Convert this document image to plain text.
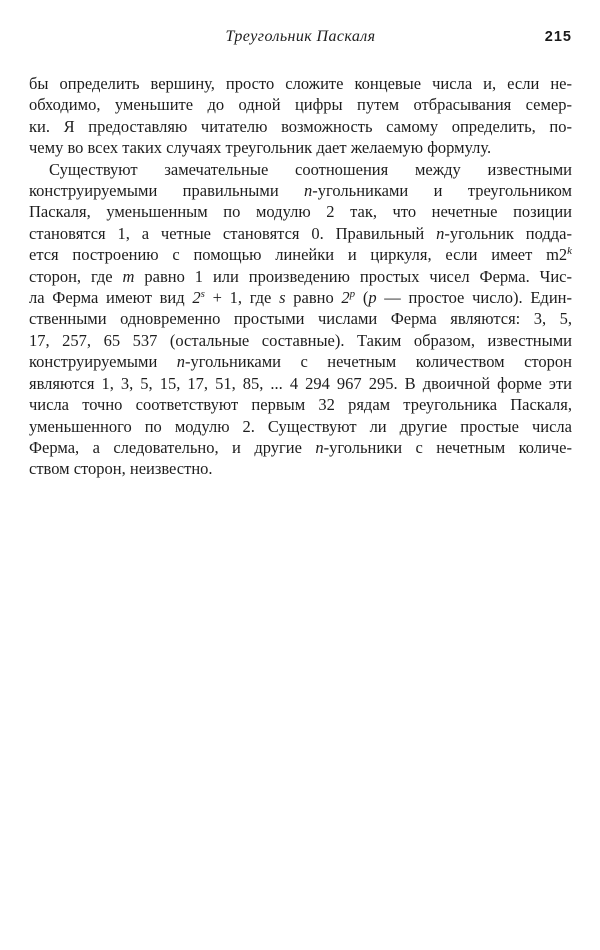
Треугольник Паскаля	215
бы определить вершину, просто сложите концевые числа и, если не-
обходимо, уменьшите до одной цифры путем отбрасывания семер-
ки. Я предоставляю читателю возможность самому определить, по-
чему во всех таких случаях треугольник дает желаемую формулу.
Существуют замечательные соотношения между известными
конструируемыми правильными n-угольниками и треугольником
Паскаля, уменьшенным по модулю 2 так, что нечетные позиции
становятся 1, а четные становятся 0. Правильный n-угольник подда-
ется построению с помощью линейки и циркуля, если имеет m2$^k$
сторон, где m равно 1 или произведению простых чисел Ферма. Чис-
ла Ферма имеют вид $2^s + 1$, где s равно 2$^p$ (p — простое число). Един-
ственными одновременно простыми числами Ферма являются: 3, 5,
17, 257, 65 537 (остальные составные). Таким образом, известными
конструируемыми n-угольниками с нечетным количеством сторон
являются 1, 3, 5, 15, 17, 51, 85, ... 4 294 967 295. В двоичной форме эти
числа точно соответствуют первым 32 рядам треугольника Паскаля,
уменьшенного по модулю 2. Существуют ли другие простые числа
Ферма, а следовательно, и другие n-угольники с нечетным количе-
ством сторон, неизвестно.
